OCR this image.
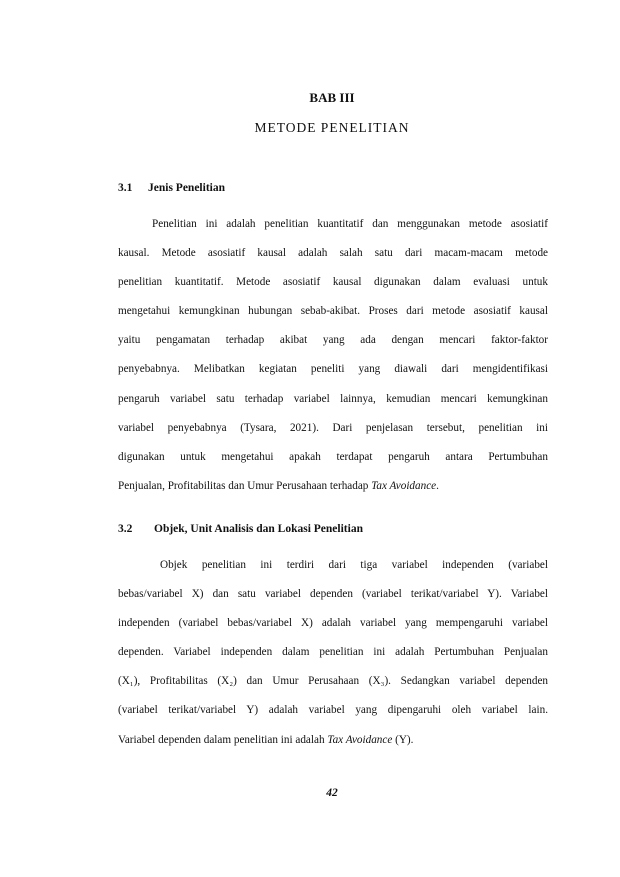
BAB III
METODE PENELITIAN
3.1 Jenis Penelitian
Penelitian ini adalah penelitian kuantitatif dan menggunakan metode asosiatif
kausal. Metode asosiatif kausal adalah salah satu dari macam-macam metode
penelitian kuantitatif. Metode asosiatif kausal digunakan dalam evaluasi untuk
mengetahui kemungkinan hubungan sebab-akibat. Proses dari metode asosiatif kausal
yaitu pengamatan terhadap akibat yang ada dengan mencari faktor-faktor
penyebabnya. Melibatkan kegiatan peneliti yang diawali dari mengidentifikasi
pengaruh variabel satu terhadap variabel lainnya, kemudian mencari kemungkinan
variabel penyebabnya (Tysara, 2021). Dari penjelasan tersebut, penelitian ini
digunakan untuk mengetahui apakah terdapat pengaruh antara Pertumbuhan
Penjualan, Profitabilitas dan Umur Perusahaan terhadap Tax Avoidance.
3.2 Objek, Unit Analisis dan Lokasi Penelitian
Objek penelitian ini terdiri dari tiga variabel independen (variabel
bebas/variabel X) dan satu variabel dependen (variabel terikat/variabel Y). Variabel
independen (variabel bebas/variabel X) adalah variabel yang mempengaruhi variabel
dependen. Variabel independen dalam penelitian ini adalah Pertumbuhan Penjualan
(X₁), Profitabilitas (X₂) dan Umur Perusahaan (X₃). Sedangkan variabel dependen
(variabel terikat/variabel Y) adalah variabel yang dipengaruhi oleh variabel lain.
Variabel dependen dalam penelitian ini adalah Tax Avoidance (Y).
42
